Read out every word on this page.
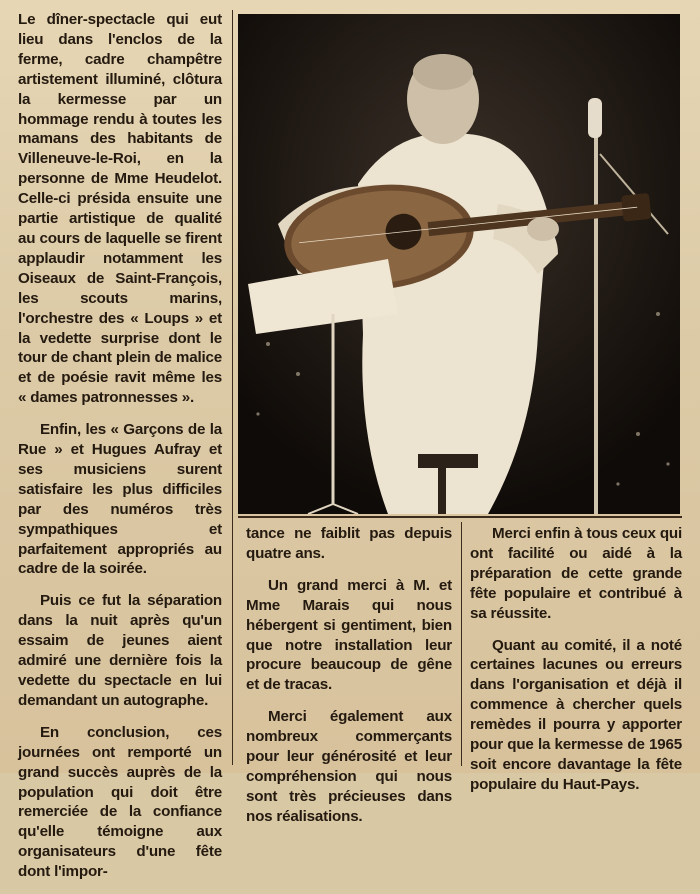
Le dîner-spectacle qui eut lieu dans l'enclos de la ferme, cadre champêtre artistement illuminé, clôtura la kermesse par un hommage rendu à toutes les mamans des habitants de Villeneuve-le-Roi, en la personne de Mme Heudelot. Celle-ci présida ensuite une partie artistique de qualité au cours de laquelle se firent applaudir notamment les Oiseaux de Saint-François, les scouts marins, l'orchestre des « Loups » et la vedette surprise dont le tour de chant plein de malice et de poésie ravit même les « dames patronnesses ».

Enfin, les « Garçons de la Rue » et Hugues Aufray et ses musiciens surent satisfaire les plus difficiles par des numéros très sympathiques et parfaitement appropriés au cadre de la soirée.

Puis ce fut la séparation dans la nuit après qu'un essaim de jeunes aient admiré une dernière fois la vedette du spectacle en lui demandant un autographe.

En conclusion, ces journées ont remporté un grand succès auprès de la population qui doit être remerciée de la confiance qu'elle témoigne aux organisateurs d'une fête dont l'impor-

tance ne faiblit pas depuis quatre ans.

Un grand merci à M. et Mme Marais qui nous hébergent si gentiment, bien que notre installation leur procure beaucoup de gêne et de tracas.

Merci également aux nombreux commerçants pour leur générosité et leur compréhension qui nous sont très précieuses dans nos réalisations.

Merci enfin à tous ceux qui ont facilité ou aidé à la préparation de cette grande fête populaire et contribué à sa réussite.

Quant au comité, il a noté certaines lacunes ou erreurs dans l'organisation et déjà il commence à chercher quels remèdes il pourra y apporter pour que la kermesse de 1965 soit encore davantage la fête populaire du Haut-Pays.
